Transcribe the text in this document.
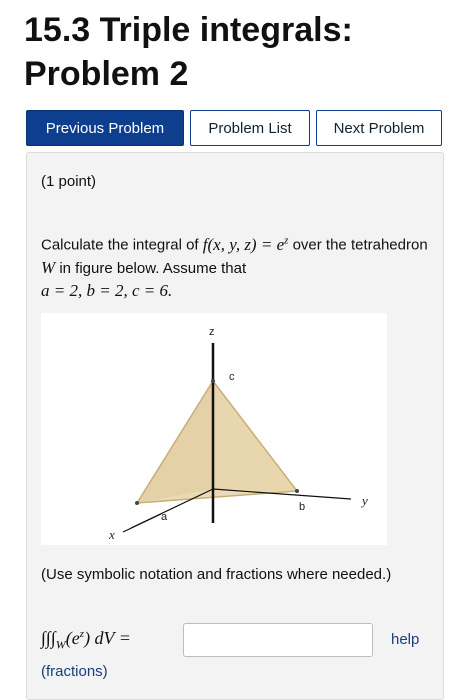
15.3 Triple integrals: Problem 2
Previous Problem	Problem List	Next Problem
(1 point)
Calculate the integral of f(x, y, $z) = e^z$ over the tetrahedron W in figure below. Assume that
a = 2, b = 2, c = 6.
z
c
b	y
a
x
(Use symbolic notation and fractions where needed.)
$\int\int\int_W(e^z)$ dV =	help
(fractions)
